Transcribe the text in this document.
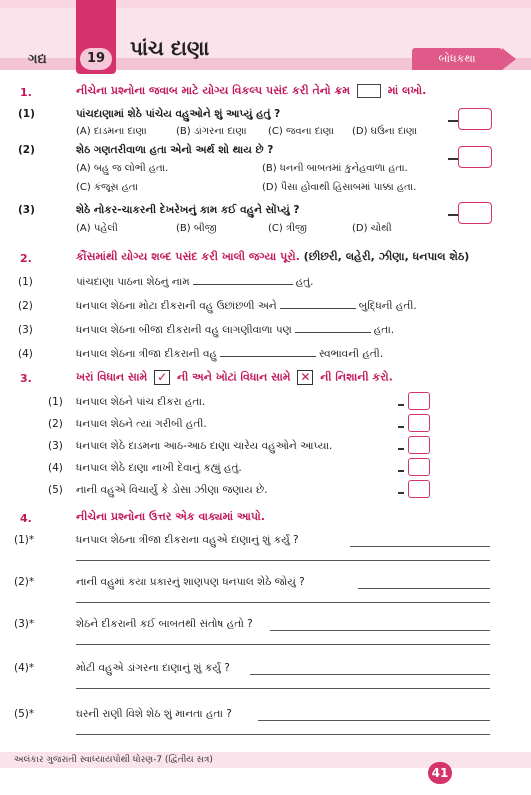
ગદ્ય	19	પાંચ દાણા	બોધકથા
1.	નીચેના પ્રશ્નોના જવાબ માટે યોગ્ય વિકલ્પ પસંદ કરી તેનો ક્રમ	માં લખો.
(1)	પાંચદાણામાં શેઠે પાંચેય વહુઓને શું આપ્યું હતું ?
(A) દાડમના દાણા	(B) ડાંગરના દાણા (C) જવના દાણા (D) ઘઉંના દાણા
(2)	શેઠ ગણતરીવાળા હતા એનો અર્થ શો થાય છે ?
(A) બહુ જ લોભી હતા.	(B) ધનની બાબતમાં કુનેહવાળા હતા.
(C) કંજૂસ હતા	(D) પૈસા હોવાથી હિસાબમાં પાક્કા હતા.
(3)	શેઠે નોકર-ચાકરની દેખરેખનું કામ કઈ વહુને સોંપ્યું ?
(A) પહેલી	(B) બીજી	(C) ત્રીજી	(D) ચોથી
2.	કૌંસમાંથી યોગ્ય શબ્દ પસંદ કરી ખાલી જગ્યા પૂરો. (છીછરી, લહેરી, ઝીણા, ધનપાલ શેઠ)
(1)	પાંચદાણા પાઠના શેઠનું નામ	હતું.
(2)	ધનપાલ શેઠના મોટા દીકરાની વહુ ઉછાંછળી અને	બુદ્ધિની હતી.
(3)	ધનપાલ શેઠના બીજા દીકરાની વહુ લાગણીવાળા પણ	હતા.
(4)	ધનપાલ શેઠના ત્રીજા દીકરાની વહુ	સ્વભાવની હતી.
3.	ખરાં વિધાન સામે ✓ ની અને ખોટાં વિધાન સામે ✕ ની નિશાની કરો.
(1) ધનપાલ શેઠને પાંચ દીકરા હતા.
(2) ધનપાલ શેઠને ત્યાં ગરીબી હતી.
(3) ધનપાલ શેઠે દાડમના આઠ-આઠ દાણા ચારેય વહુઓને આપ્યા.
(4) ધનપાલ શેઠે દાણા નાખી દેવાનું કહ્યું હતું.
(5) નાની વહુએ વિચાર્યું કે ડોસા ઝીણા જણાય છે.
4.	નીચેના પ્રશ્નોના ઉત્તર એક વાક્યમાં આપો.
(1)*	ધનપાલ શેઠના ત્રીજા દીકરાના વહુએ દાણાનું શું કર્યું ?
(2)*	નાની વહુમાં કયા પ્રકારનું શાણપણ ધનપાલ શેઠે જોયું ?
(3)*	શેઠને દીકરાની કઈ બાબતથી સંતોષ હતો ?
(4)*	મોટી વહુએ ડાંગરના દાણાનું શું કર્યું ?
(5)*	ઘરની રાણી વિશે શેઠ શું માનતા હતા ?
અલંકાર ગુજરાતી સ્વાધ્યાયપોથી ધોરણ-7 (દ્વિતીય સત્ર)
41
